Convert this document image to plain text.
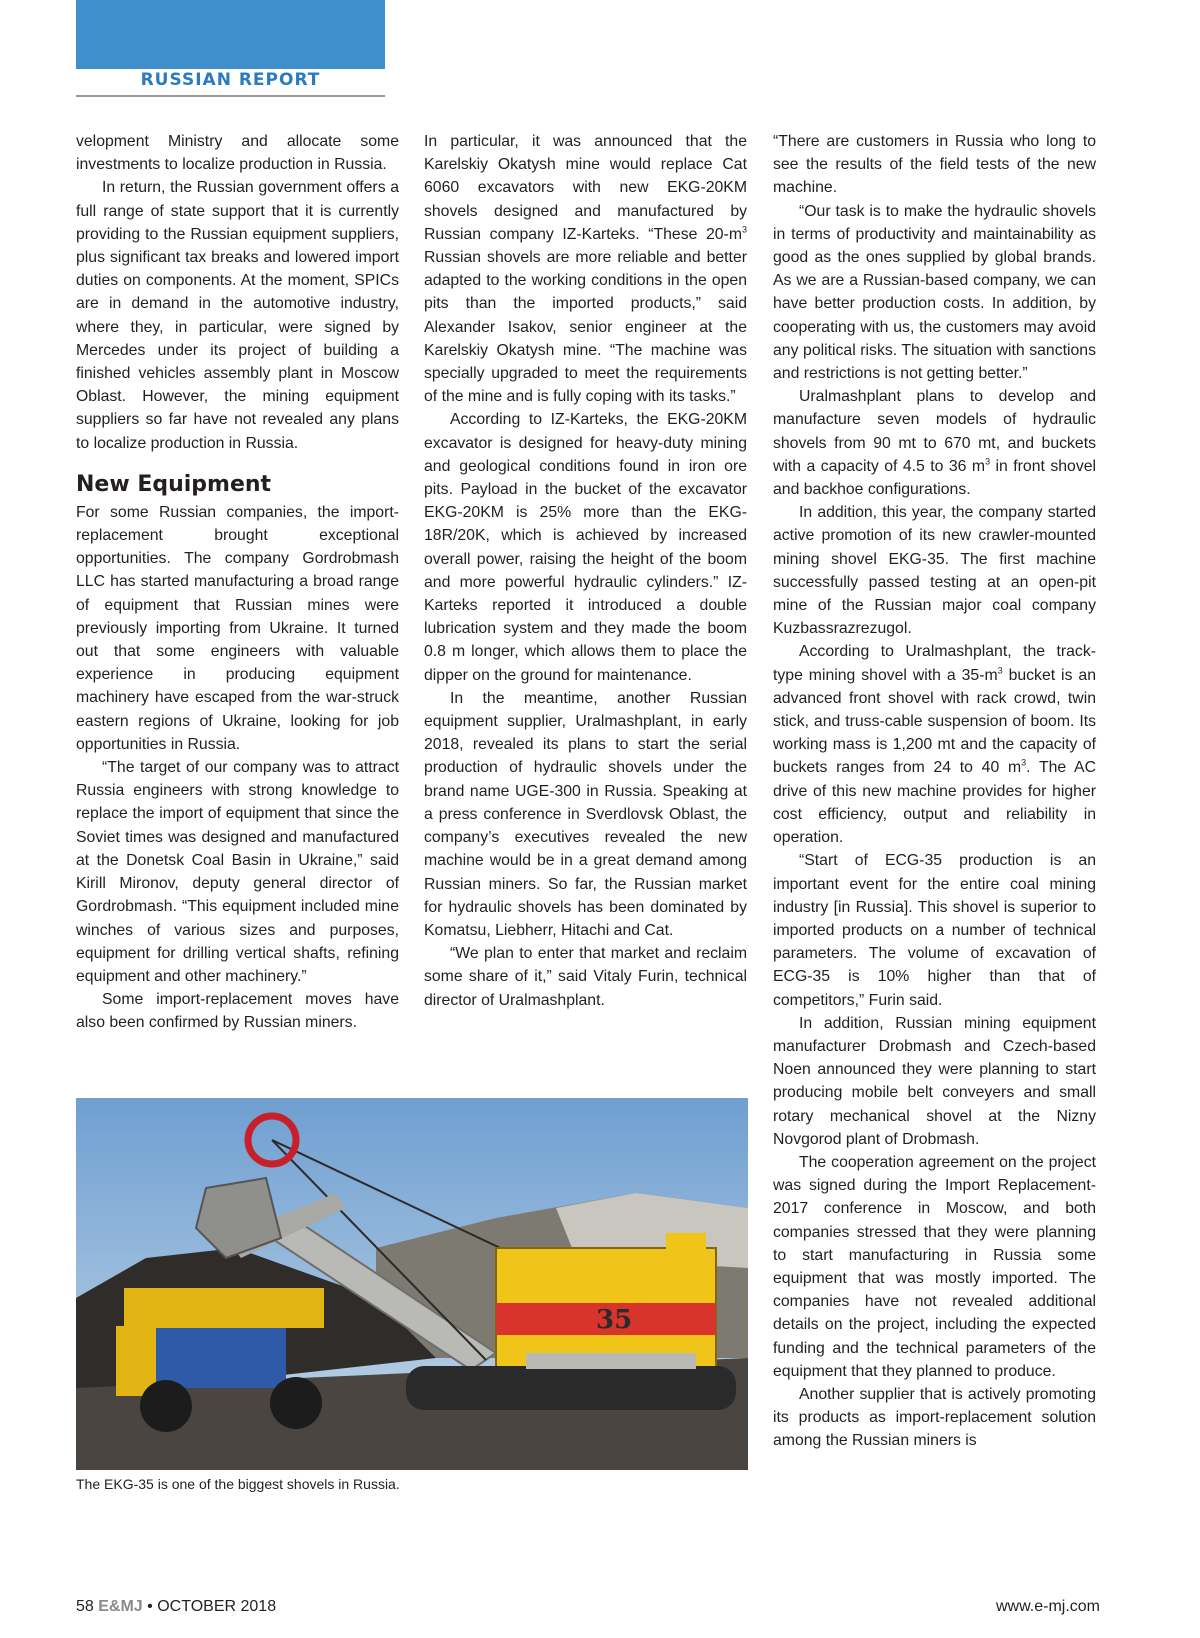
RUSSIAN REPORT

velopment Ministry and allocate some investments to localize production in Russia.

In return, the Russian government offers a full range of state support that it is currently providing to the Russian equipment suppliers, plus significant tax breaks and lowered import duties on components. At the moment, SPICs are in demand in the automotive industry, where they, in particular, were signed by Mercedes under its project of building a finished vehicles assembly plant in Moscow Oblast. However, the mining equipment suppliers so far have not revealed any plans to localize production in Russia.

New Equipment

For some Russian companies, the import-replacement brought exceptional opportunities. The company Gordrobmash LLC has started manufacturing a broad range of equipment that Russian mines were previously importing from Ukraine. It turned out that some engineers with valuable experience in producing equipment machinery have escaped from the war-struck eastern regions of Ukraine, looking for job opportunities in Russia.

“The target of our company was to attract Russia engineers with strong knowledge to replace the import of equipment that since the Soviet times was designed and manufactured at the Donetsk Coal Basin in Ukraine,” said Kirill Mironov, deputy general director of Gordrobmash. “This equipment included mine winches of various sizes and purposes, equipment for drilling vertical shafts, refining equipment and other machinery.”

Some import-replacement moves have also been confirmed by Russian miners.

In particular, it was announced that the Karelskiy Okatysh mine would replace Cat 6060 excavators with new EKG-20KM shovels designed and manufactured by Russian company IZ-Karteks. “These $20-m^3$ Russian shovels are more reliable and better adapted to the working conditions in the open pits than the imported products,” said Alexander Isakov, senior engineer at the Karelskiy Okatysh mine. “The machine was specially upgraded to meet the requirements of the mine and is fully coping with its tasks.”

According to IZ-Karteks, the EKG-20KM excavator is designed for heavy-duty mining and geological conditions found in iron ore pits. Payload in the bucket of the excavator EKG-20KM is 25% more than the EKG-18R/20K, which is achieved by increased overall power, raising the height of the boom and more powerful hydraulic cylinders.” IZ-Karteks reported it introduced a double lubrication system and they made the boom 0.8 m longer, which allows them to place the dipper on the ground for maintenance.

In the meantime, another Russian equipment supplier, Uralmashplant, in early 2018, revealed its plans to start the serial production of hydraulic shovels under the brand name UGE-300 in Russia. Speaking at a press conference in Sverdlovsk Oblast, the company’s executives revealed the new machine would be in a great demand among Russian miners. So far, the Russian market for hydraulic shovels has been dominated by Komatsu, Liebherr, Hitachi and Cat.

“We plan to enter that market and reclaim some share of it,” said Vitaly Furin, technical director of Uralmashplant.

“There are customers in Russia who long to see the results of the field tests of the new machine.

“Our task is to make the hydraulic shovels in terms of productivity and maintainability as good as the ones supplied by global brands. As we are a Russian-based company, we can have better production costs. In addition, by cooperating with us, the customers may avoid any political risks. The situation with sanctions and restrictions is not getting better.”

Uralmashplant plans to develop and manufacture seven models of hydraulic shovels from 90 mt to 670 mt, and buckets with a capacity of 4.5 to 36 $m^3$ in front shovel and backhoe configurations.

In addition, this year, the company started active promotion of its new crawler-mounted mining shovel EKG-35. The first machine successfully passed testing at an open-pit mine of the Russian major coal company Kuzbassrazrezugol.

According to Uralmashplant, the track-type mining shovel with a $35-m^3$ bucket is an advanced front shovel with rack crowd, twin stick, and truss-cable suspension of boom. Its working mass is 1,200 mt and the capacity of buckets ranges from 24 to 40 $m^3$. The AC drive of this new machine provides for higher cost efficiency, output and reliability in operation.

“Start of ECG-35 production is an important event for the entire coal mining industry [in Russia]. This shovel is superior to imported products on a number of technical parameters. The volume of excavation of ECG-35 is 10% higher than that of competitors,” Furin said.

In addition, Russian mining equipment manufacturer Drobmash and Czech-based Noen announced they were planning to start producing mobile belt conveyers and small rotary mechanical shovel at the Nizny Novgorod plant of Drobmash.

The cooperation agreement on the project was signed during the Import Replacement-2017 conference in Moscow, and both companies stressed that they were planning to start manufacturing in Russia some equipment that was mostly imported. The companies have not revealed additional details on the project, including the expected funding and the technical parameters of the equipment that they planned to produce.

Another supplier that is actively promoting its products as import-replacement solution among the Russian miners is

35
The EKG-35 is one of the biggest shovels in Russia.
58 E&MJ • OCTOBER 2018	www.e-mj.com
